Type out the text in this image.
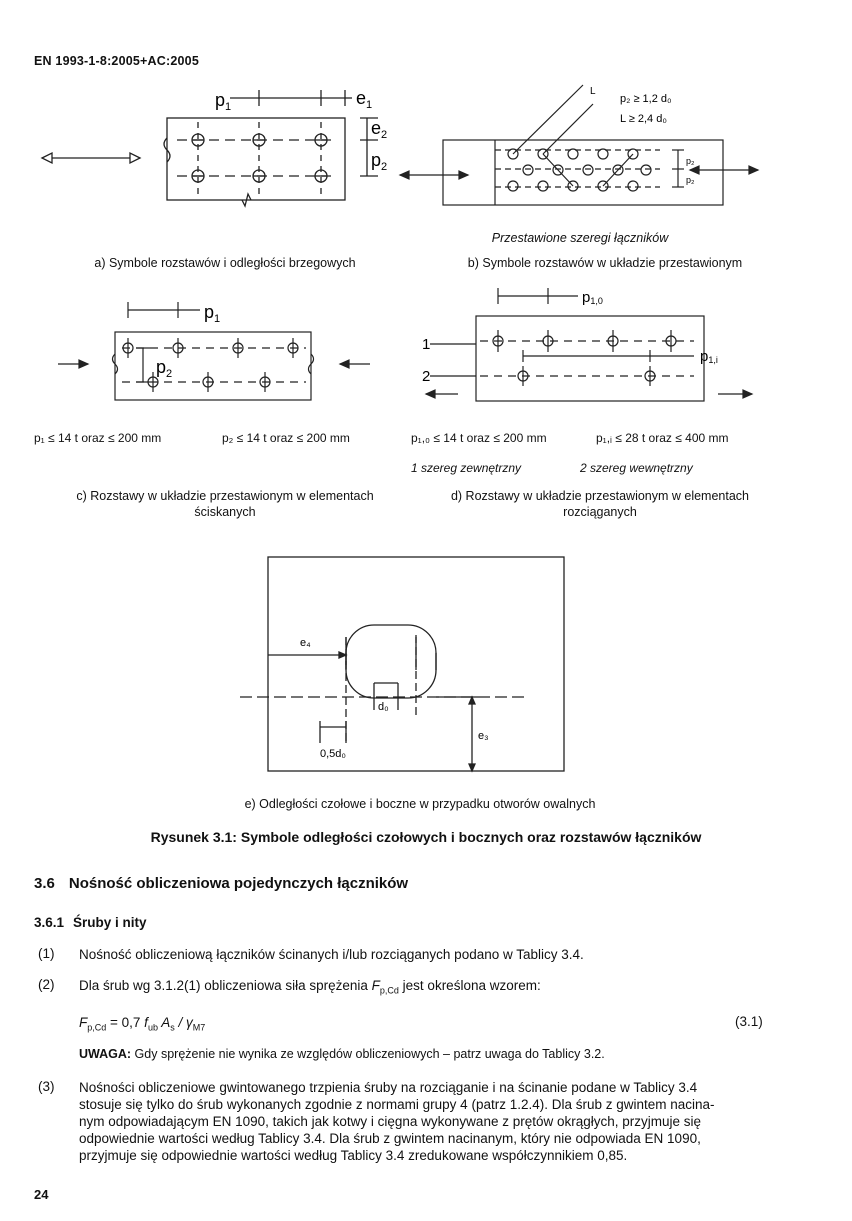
EN 1993-1-8:2005+AC:2005
$p_1$	$e_1$
$e_2$
$p_2$
L
p₂ ≥ 1,2 d₀
L ≥ 2,4 d₀
p₂
p₂
Przestawione szeregi łączników
a) Symbole rozstawów i odległości brzegowych	b) Symbole rozstawów w układzie przestawionym
$p_1$
$p_2$
1
2
p1,0
p1,i
p₁ ≤ 14 t oraz ≤ 200 mm	p₂ ≤ 14 t oraz ≤ 200 mm	p₁,₀ ≤ 14 t oraz ≤ 200 mm	p₁,ᵢ ≤ 28 t oraz ≤ 400 mm
1 szereg zewnętrzny	2 szereg wewnętrzny
c) Rozstawy w układzie przestawionym w elementach
ściskanych
d) Rozstawy w układzie przestawionym w elementach
rozciąganych
e₄
d₀
0,5d₀
e₃
e) Odległości czołowe i boczne w przypadku otworów owalnych
Rysunek 3.1: Symbole odległości czołowych i bocznych oraz rozstawów łączników
3.6 Nośność obliczeniowa pojedynczych łączników
3.6.1 Śruby i nity
(1) Nośność obliczeniową łączników ścinanych i/lub rozciąganych podano w Tablicy 3.4.
(2) Dla śrub wg 3.1.2(1) obliczeniowa siła sprężenia $F_{p,Cd}$ jest określona wzorem:
$F_{p,Cd} = 0,7$ $f_{ub}$ $A_s / \gamma_{M7}$	(3.1)
UWAGA: Gdy sprężenie nie wynika ze względów obliczeniowych – patrz uwaga do Tablicy 3.2.
(3) Nośności obliczeniowe gwintowanego trzpienia śruby na rozciąganie i na ścinanie podane w Tablicy 3.4
stosuje się tylko do śrub wykonanych zgodnie z normami grupy 4 (patrz 1.2.4). Dla śrub z gwintem nacina-
nym odpowiadającym EN 1090, takich jak kotwy i cięgna wykonywane z prętów okrągłych, przyjmuje się
odpowiednie wartości według Tablicy 3.4. Dla śrub z gwintem nacinanym, który nie odpowiada EN 1090,
przyjmuje się odpowiednie wartości według Tablicy 3.4 zredukowane współczynnikiem 0,85.
24
